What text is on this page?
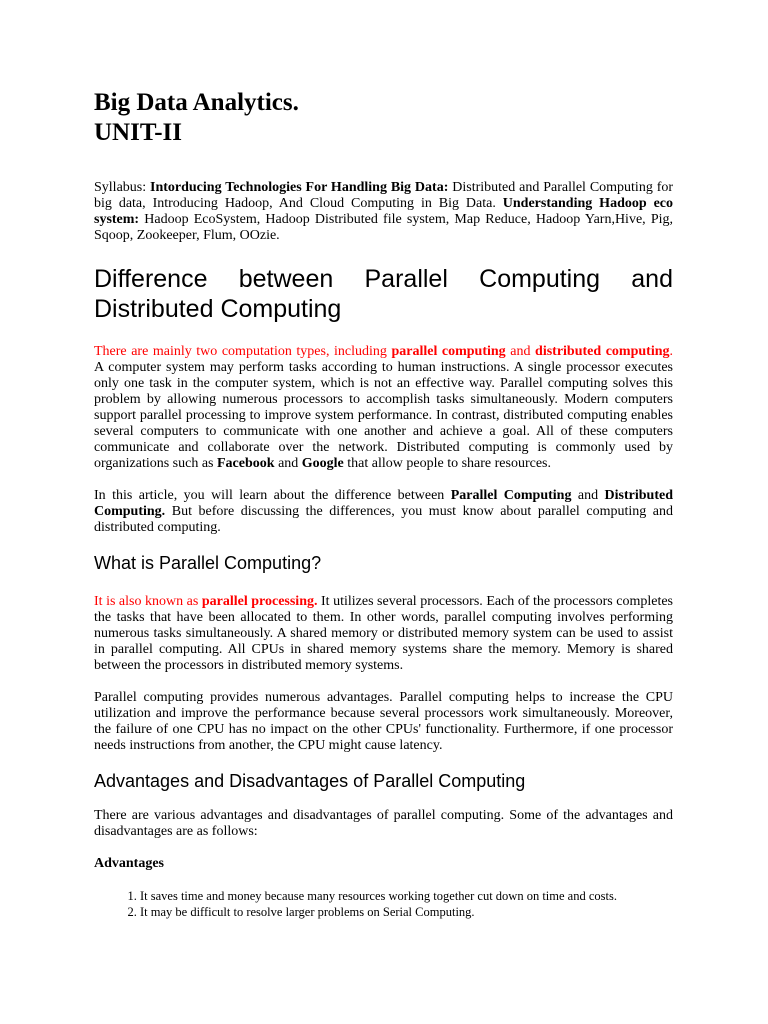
Big Data Analytics.
UNIT-II

Syllabus: Intorducing Technologies For Handling Big Data: Distributed and Parallel Computing for big data, Introducing Hadoop, And Cloud Computing in Big Data. Understanding Hadoop eco system: Hadoop EcoSystem, Hadoop Distributed file system, Map Reduce, Hadoop Yarn,Hive, Pig, Sqoop, Zookeeper, Flum, OOzie.

Difference between Parallel Computing and Distributed Computing

There are mainly two computation types, including parallel computing and distributed computing. A computer system may perform tasks according to human instructions. A single processor executes only one task in the computer system, which is not an effective way. Parallel computing solves this problem by allowing numerous processors to accomplish tasks simultaneously. Modern computers support parallel processing to improve system performance. In contrast, distributed computing enables several computers to communicate with one another and achieve a goal. All of these computers communicate and collaborate over the network. Distributed computing is commonly used by organizations such as Facebook and Google that allow people to share resources.

In this article, you will learn about the difference between Parallel Computing and Distributed Computing. But before discussing the differences, you must know about parallel computing and distributed computing.

What is Parallel Computing?

It is also known as parallel processing. It utilizes several processors. Each of the processors completes the tasks that have been allocated to them. In other words, parallel computing involves performing numerous tasks simultaneously. A shared memory or distributed memory system can be used to assist in parallel computing. All CPUs in shared memory systems share the memory. Memory is shared between the processors in distributed memory systems.

Parallel computing provides numerous advantages. Parallel computing helps to increase the CPU utilization and improve the performance because several processors work simultaneously. Moreover, the failure of one CPU has no impact on the other CPUs' functionality. Furthermore, if one processor needs instructions from another, the CPU might cause latency.

Advantages and Disadvantages of Parallel Computing

There are various advantages and disadvantages of parallel computing. Some of the advantages and disadvantages are as follows:

Advantages

1. It saves time and money because many resources working together cut down on time and costs.
2. It may be difficult to resolve larger problems on Serial Computing.
